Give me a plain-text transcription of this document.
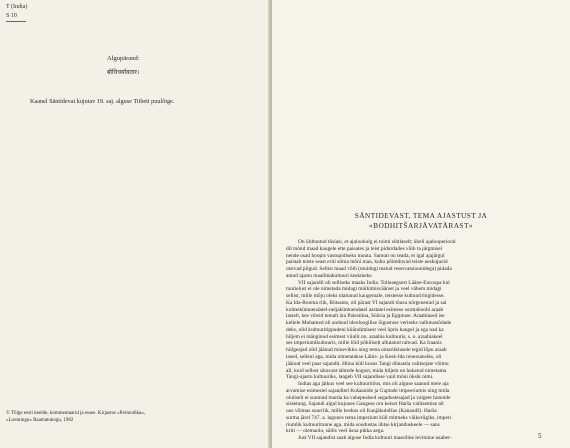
T (India)
S 10
Algupärand:
बोधिचर्यावतार।
Kaanel Säntidevat kujutav 19. saj. alguse Tiibeti puulõige.
© Tõlge eesti keelde, kommentaarid ja essee. Kirjastus «Perioodika»,
«Loomingu» Raamatukogu, 1982
SÄNTIDEVAST, TEMA AJASTUST JA
«BODHITŠARJÄVATÄRAST»
On üldtuntud tõsiasi, et ajalookulg ei toimi sihtlaselt; üheli ajalooperiood
dil mõnd maad kaugele ette paisates ja teist pidurdades võib ta järgmisel
nende osad hoopis vastupidiseks muuta. Samuti on teada, et igal ajajärgul
paistab teiste seast eriti silma mõni maa, kuhu põimduvad teiste eeskujusid
otsivad pilgud. Sellist maad võib (muidugi teatud reservatsioonidega) pidada
antud ajastu maailmakultuuri keskmeks.
VII sajandil oli selliseks maaks India. Tolleaegsest Lääne-Euroopa kul
tuurielust ei ole nimetada midagi märkimisväärset ja veel vähem midagi
sellist, mille mõju oleks ulatunud kaugemale, teistesse kultuuriringidesse.
Ka Ida-Rooma riik, Bütsants, oli pärast VI sajandi tõusu nõrgenenud ja sai
kolmekümnendatel-neljakümnendatel aastatel esimese surmahoobi araab
lastelt, kes võtsid temalt ära Palestiina, Süüria ja Egiptuse. Araablased ise
kellele Muhamed oli andnud ideoloogilise õigustuse veriseks vallutussõdade
deks, olid kultuuritippudeni küündimisest veel üpris kaugel ja ega nad ka
hiljem ei mänginud esimest viiulit nn. araabia kultuuris, s. o. araabiakeel
ses imperiumikultuuris, mille lõid põhiliselt allutatud rahvad. Ka Iraanis
hiilgeajad olid jäänud minevikku ning tema omariiklusele tegid lõpu araab
lased, selleni aga, mida nimetatakse Lähis- ja Kesk-Ida renessansiks, oli
jäänud veel paar sajandit. Hiina küll kosus Tangi dünastia valitsejate võimu
all, kuid sellest säravast tähtede kogust, mida hiljem on hakatud nimetama
Tangi-ajastu kultuuriks, langeb VII sajandisse vaid mõni üksik nimi.
Indias aga jätkus veel see kultuuritõus, mis oli alguse saanud meie aja
arvamise esimestel sajanditel Kušaanide ja Guptade impeeriumis ning mida
oluliselt ei suutnud murda ka vahepealsed segadustesajad ja valgete hunnide
sissetung. Sajandi algul kujunes Gangese oru keiser Harša valitsemise all
uus võimas suurriik, mille keskus oli Kanjākubdžas (Kanaudž). Harša
surma järel 747. a. lagunes tema imperium küll mitmeks väikeriigiks, imperi
riumlik kultuuritunne aga, mida soodustas ühtse kirjanduskeele — sans
kriti — olemaolu, säilis veel üsna pikka aega.
Just VII sajandist saab alguse India kultuuri massiline levimine naaber-	5
